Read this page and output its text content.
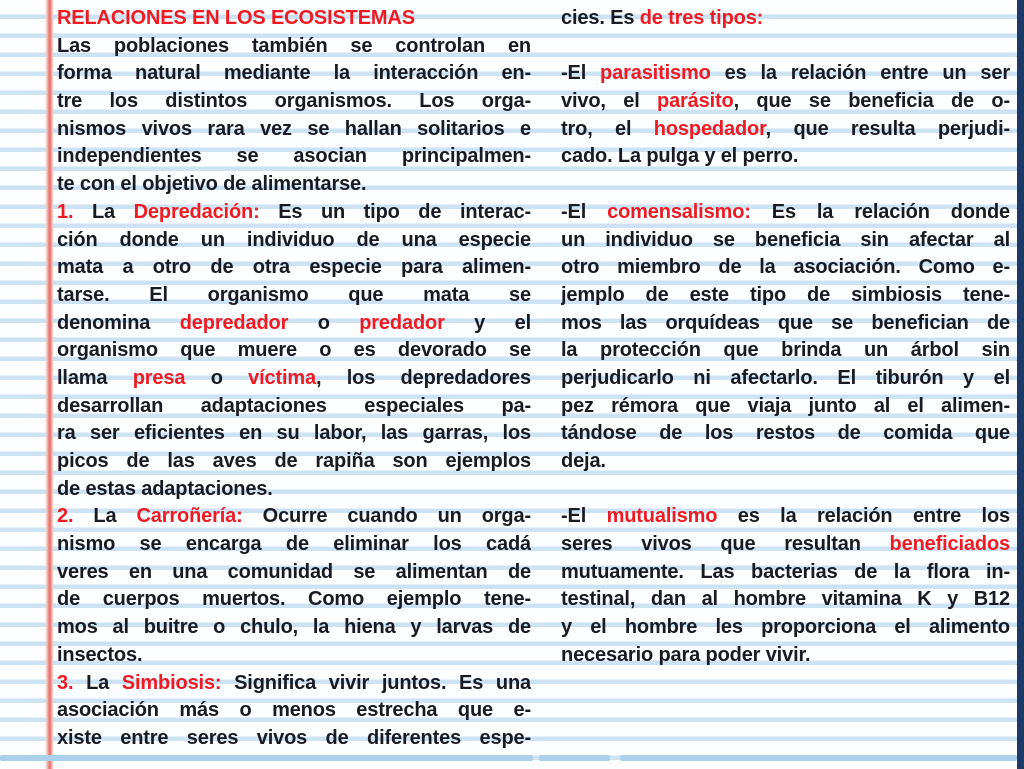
RELACIONES EN LOS ECOSISTEMAS
Las poblaciones también se controlan en
forma natural mediante la interacción en-
tre los distintos organismos. Los orga-
nismos vivos rara vez se hallan solitarios e
independientes se asocian principalmen-
te con el objetivo de alimentarse.
1. La Depredación: Es un tipo de interac-
ción donde un individuo de una especie
mata a otro de otra especie para alimen-
tarse. El organismo que mata se
denomina depredador o predador y el
organismo que muere o es devorado se
llama presa o víctima, los depredadores
desarrollan adaptaciones especiales pa-
ra ser eficientes en su labor, las garras, los
picos de las aves de rapiña son ejemplos
de estas adaptaciones.
2. La Carroñería: Ocurre cuando un orga-
nismo se encarga de eliminar los cadá
veres en una comunidad se alimentan de
de cuerpos muertos. Como ejemplo tene-
mos al buitre o chulo, la hiena y larvas de
insectos.
3. La Simbiosis: Significa vivir juntos. Es una
asociación más o menos estrecha que e-
xiste entre seres vivos de diferentes espe-
cies. Es de tres tipos:
-El parasitismo es la relación entre un ser
vivo, el parásito, que se beneficia de o-
tro, el hospedador, que resulta perjudi-
cado. La pulga y el perro.
-El comensalismo: Es la relación donde
un individuo se beneficia sin afectar al
otro miembro de la asociación. Como e-
jemplo de este tipo de simbiosis tene-
mos las orquídeas que se benefician de
la protección que brinda un árbol sin
perjudicarlo ni afectarlo. El tiburón y el
pez rémora que viaja junto al el alimen-
tándose de los restos de comida que
deja.
-El mutualismo es la relación entre los
seres vivos que resultan beneficiados
mutuamente. Las bacterias de la flora in-
testinal, dan al hombre vitamina K y B12
y el hombre les proporciona el alimento
necesario para poder vivir.
